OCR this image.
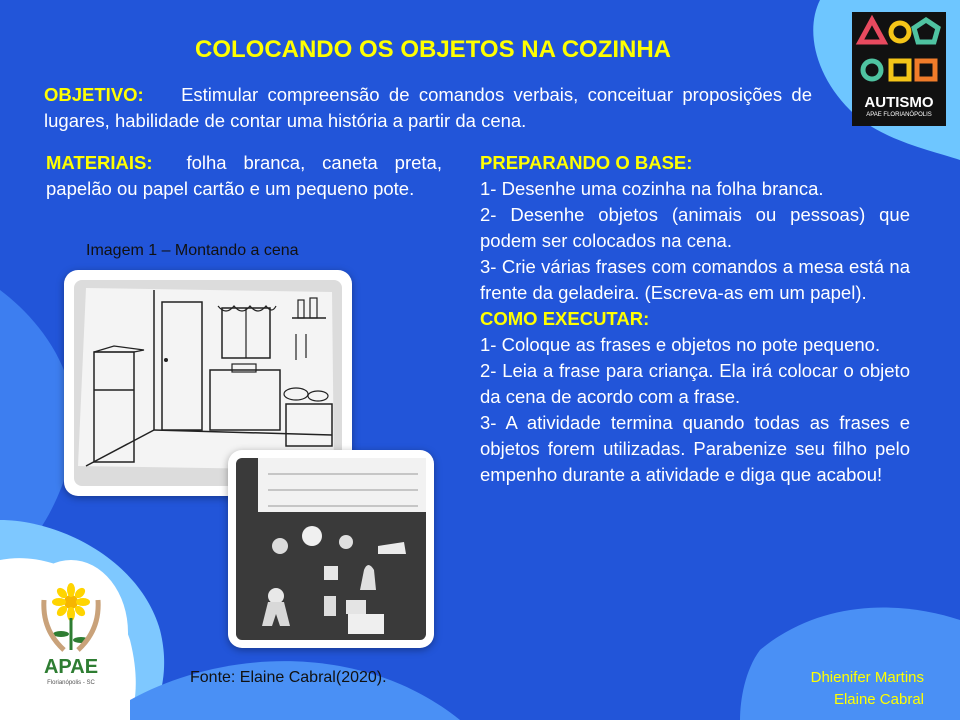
COLOCANDO OS OBJETOS NA COZINHA
OBJETIVO: Estimular compreensão de comandos verbais, conceituar proposições de lugares, habilidade de contar uma história a partir da cena.
MATERIAIS: folha branca, caneta preta, papelão ou papel cartão e um pequeno pote.
Imagem 1 – Montando a cena
Fonte: Elaine Cabral(2020).

PREPARANDO O BASE:

1- Desenhe uma cozinha na folha branca.

2- Desenhe objetos (animais ou pessoas) que podem ser colocados na cena.

3- Crie várias frases com comandos a mesa está na frente da geladeira. (Escreva-as em um papel).

COMO EXECUTAR:

1- Coloque as frases e objetos no pote pequeno.

2- Leia a frase para criança. Ela irá colocar o objeto da cena de acordo com a frase.

3- A atividade termina quando todas as frases e objetos forem utilizadas. Parabenize seu filho pelo empenho durante a atividade e diga que acabou!

Dhienifer Martins
Elaine Cabral
AUTISMO
APAE FLORIANÓPOLIS
APAE
Florianópolis - SC
